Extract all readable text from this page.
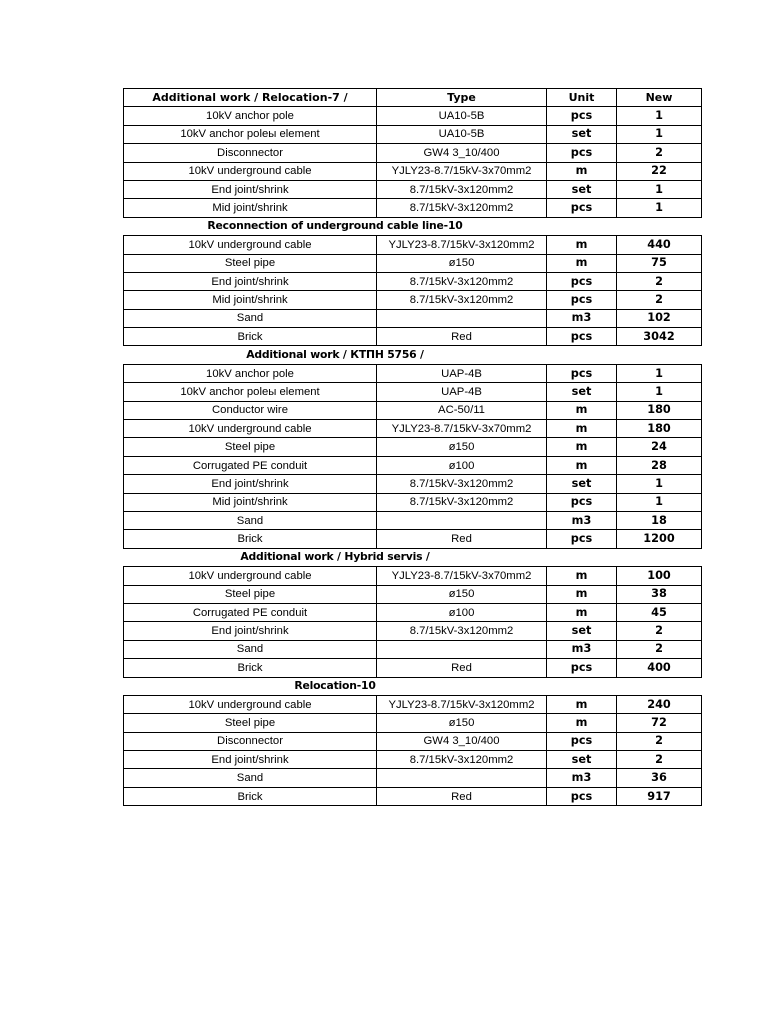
Additional work / Relocation-7 /	Type	Unit	New
10kV anchor pole	UA10-5B	pcs	1
10kV anchor poleы element	UA10-5B	set	1
Disconnector	GW4 3_10/400	pcs	2
10kV underground cable	YJLY23-8.7/15kV-3x70mm2	m	22
End joint/shrink	8.7/15kV-3x120mm2	set	1
Mid joint/shrink	8.7/15kV-3x120mm2	pcs	1
Reconnection of underground cable line-10			
10kV underground cable	YJLY23-8.7/15kV-3x120mm2	m	440
Steel pipe	ø150	m	75
End joint/shrink	8.7/15kV-3x120mm2	pcs	2
Mid joint/shrink	8.7/15kV-3x120mm2	pcs	2
Sand		m3	102
Brick	Red	pcs	3042
Additional work / КТПН 5756 /			
10kV anchor pole	UAP-4B	pcs	1
10kV anchor poleы element	UAP-4B	set	1
Conductor wire	AC-50/11	m	180
10kV underground cable	YJLY23-8.7/15kV-3x70mm2	m	180
Steel pipe	ø150	m	24
Corrugated PE conduit	ø100	m	28
End joint/shrink	8.7/15kV-3x120mm2	set	1
Mid joint/shrink	8.7/15kV-3x120mm2	pcs	1
Sand		m3	18
Brick	Red	pcs	1200
Additional work / Hybrid servis /			
10kV underground cable	YJLY23-8.7/15kV-3x70mm2	m	100
Steel pipe	ø150	m	38
Corrugated PE conduit	ø100	m	45
End joint/shrink	8.7/15kV-3x120mm2	set	2
Sand		m3	2
Brick	Red	pcs	400
Relocation-10			
10kV underground cable	YJLY23-8.7/15kV-3x120mm2	m	240
Steel pipe	ø150	m	72
Disconnector	GW4 3_10/400	pcs	2
End joint/shrink	8.7/15kV-3x120mm2	set	2
Sand		m3	36
Brick	Red	pcs	917
